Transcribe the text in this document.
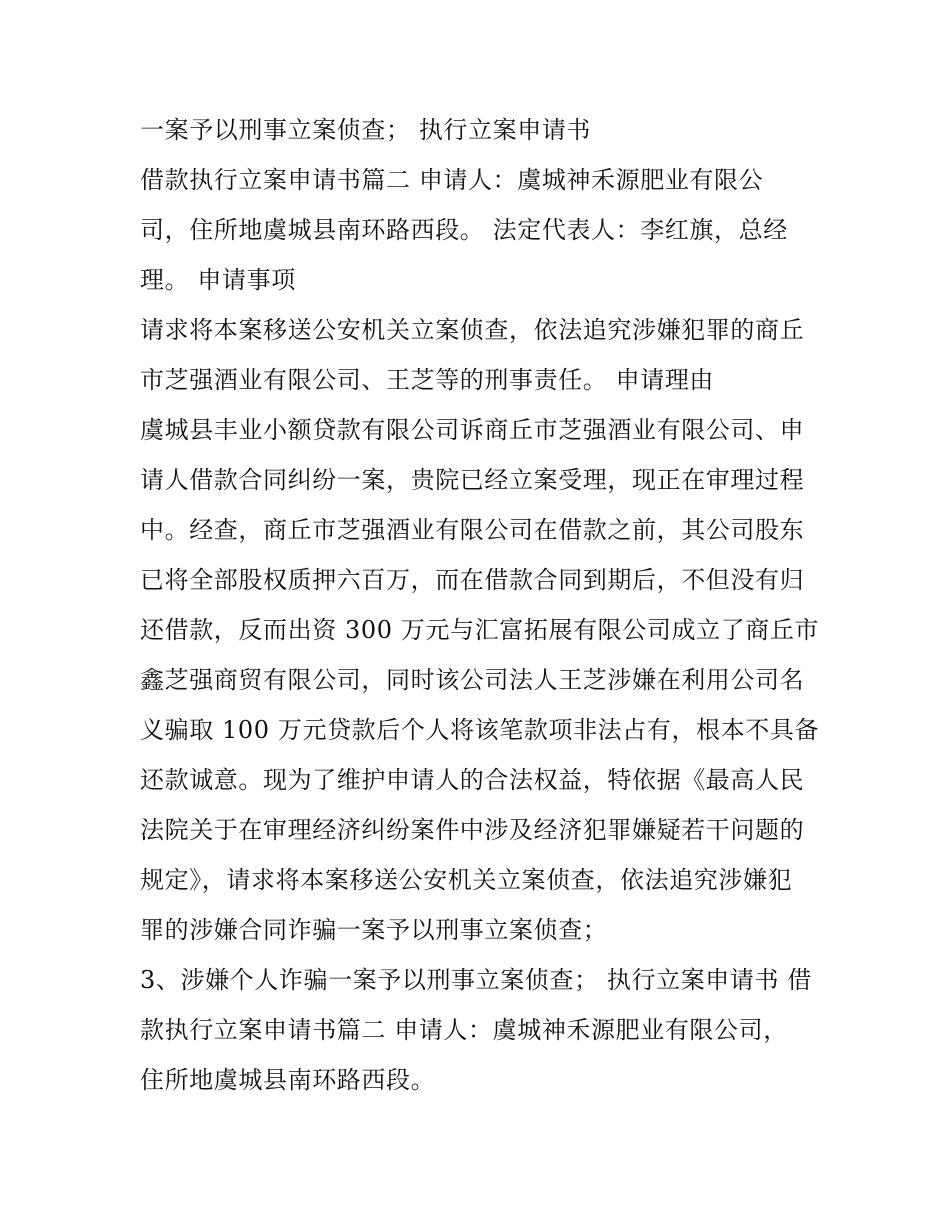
一案予以刑事立案侦查； 执行立案申请书
借款执行立案申请书篇二 申请人：虞城神禾源肥业有限公
司，住所地虞城县南环路西段。 法定代表人：李红旗，总经
理。 申请事项
请求将本案移送公安机关立案侦查，依法追究涉嫌犯罪的商丘
市芝强酒业有限公司、王芝等的刑事责任。 申请理由
虞城县丰业小额贷款有限公司诉商丘市芝强酒业有限公司、申
请人借款合同纠纷一案，贵院已经立案受理，现正在审理过程
中。经查，商丘市芝强酒业有限公司在借款之前，其公司股东
已将全部股权质押六百万，而在借款合同到期后，不但没有归
还借款，反而出资 300 万元与汇富拓展有限公司成立了商丘市
鑫芝强商贸有限公司，同时该公司法人王芝涉嫌在利用公司名
义骗取 100 万元贷款后个人将该笔款项非法占有，根本不具备
还款诚意。现为了维护申请人的合法权益，特依据《最高人民
法院关于在审理经济纠纷案件中涉及经济犯罪嫌疑若干问题的
规定》，请求将本案移送公安机关立案侦查，依法追究涉嫌犯
罪的涉嫌合同诈骗一案予以刑事立案侦查；
3、涉嫌个人诈骗一案予以刑事立案侦查； 执行立案申请书 借
款执行立案申请书篇二 申请人：虞城神禾源肥业有限公司，
住所地虞城县南环路西段。
